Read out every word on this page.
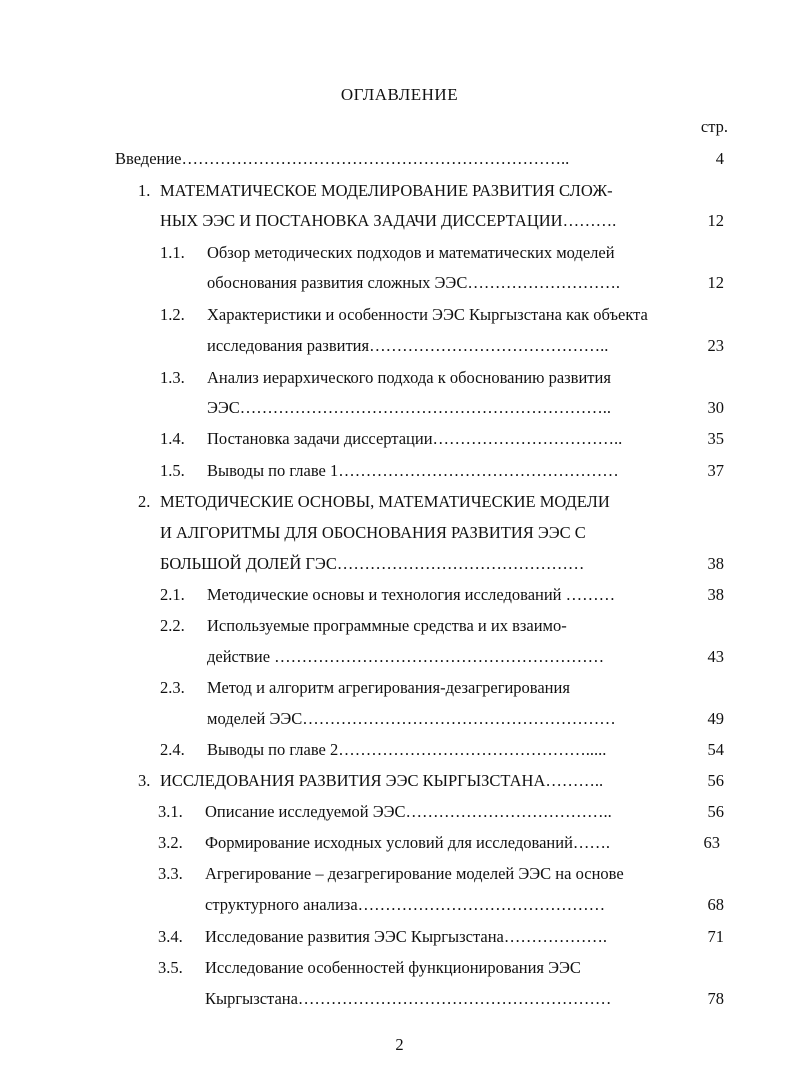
ОГЛАВЛЕНИЕ
стр.
Введение……………………………………………………………..	4
1. МАТЕМАТИЧЕСКОЕ МОДЕЛИРОВАНИЕ РАЗВИТИЯ СЛОЖ-
НЫХ ЭЭС И ПОСТАНОВКА ЗАДАЧИ ДИССЕРТАЦИИ……….	12
1.1. Обзор методических подходов и математических моделей
обоснования развития сложных ЭЭС……………………….	12
1.2. Характеристики и особенности ЭЭС Кыргызстана как объекта
исследования развития……………………………………..	23
1.3. Анализ иерархического подхода к обоснованию развития
ЭЭС…………………………………………………………..	30
1.4. Постановка задачи диссертации……………………………..	35
1.5. Выводы по главе 1……………………………………………	37
2. МЕТОДИЧЕСКИЕ ОСНОВЫ, МАТЕМАТИЧЕСКИЕ МОДЕЛИ
И АЛГОРИТМЫ ДЛЯ ОБОСНОВАНИЯ РАЗВИТИЯ ЭЭС С
БОЛЬШОЙ ДОЛЕЙ ГЭС………………………………………	38
2.1. Методические основы и технология исследований ………	38
2.2. Используемые программные средства и их взаимо-
действие ……………………………………………………	43
2.3. Метод и алгоритм агрегирования-дезагрегирования
моделей ЭЭС…………………………………………………	49
2.4. Выводы по главе 2……………………………………….....	54
3. ИССЛЕДОВАНИЯ РАЗВИТИЯ ЭЭС КЫРГЫЗСТАНА………..	56
3.1. Описание исследуемой ЭЭС………………………………..	56
3.2. Формирование исходных условий для исследований…….	63
3.3. Агрегирование – дезагрегирование моделей ЭЭС на основе
структурного анализа………………………………………	68
3.4. Исследование развития ЭЭС Кыргызстана……………….	71
3.5. Исследование особенностей функционирования ЭЭС
Кыргызстана…………………………………………………	78
2
